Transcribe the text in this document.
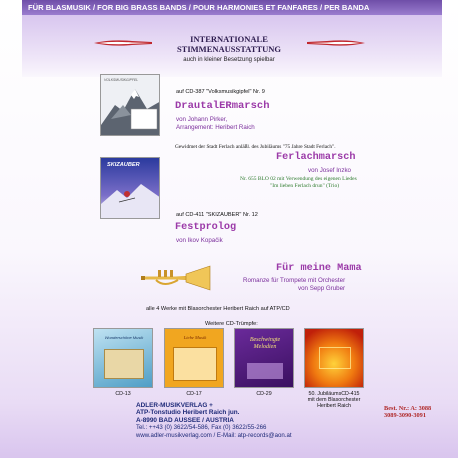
FÜR BLASMUSIK / FOR BIG BRASS BANDS / POUR HARMONIES ET FANFARES / PER BANDA
INTERNATIONALE
STIMMENAUSSTATTUNG
auch in kleiner Besetzung spielbar
VOLKSMUSIKGIPFEL
auf CD-387 "Volksmusikgipfel" Nr. 9
DrautalERmarsch
von Johann Pirker,
Arrangement: Heribert Raich
Gewidmet der Stadt Ferlach anläßl. des Jubiläums "75 Jahre Stadt Ferlach".
SKIZAUBER
Ferlachmarsch
von Josef Inzko
Nr. 655 BLO 02 mit Verwendung des eigenen Liedes
"Im lieben Ferlach drun" (Trio)
auf CD-411 "SKIZAUBER" Nr. 12
Festprolog
von Ikov Kopačik
Für meine Mama
Romanze für Trompete mit Orchester
von Sepp Gruber
alle 4 Werke mit Blasorchester Heribert Raich auf ATP/CD
Weitere CD-Trümpfe:
Wunderschöne Musik	Liebe Musik	Beschwingte Melodien
CD-13	CD-17	CD-29	50. JubiläumsCD-415
mit dem Blasorchester
Heribert Raich
ADLER-MUSIKVERLAG +
ATP-Tonstudio Heribert Raich jun.
A-8990 BAD AUSSEE / AUSTRIA
Tel.: ++43 (0) 3622/54-586, Fax (0) 3622/55-266
www.adler-musikverlag.com / E-Mail: atp-records@aon.at
Best. Nr.: A: 3088
3089-3090-3091
